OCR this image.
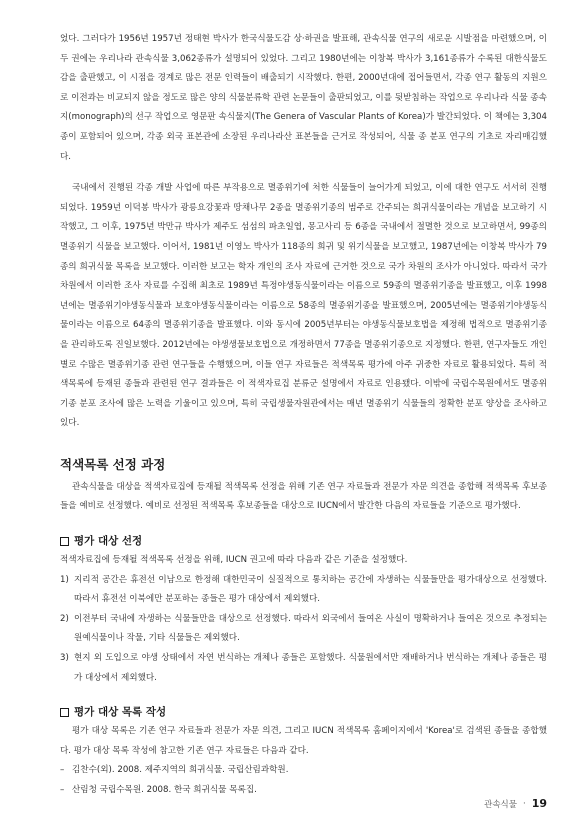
었다. 그러다가 1956년 1957년 정태현 박사가 한국식물도감 상·하권을 발표해, 관속식물 연구의 새로운 시발점을 마련했으며, 이 두 권에는 우리나라 관속식물 3,062종류가 설명되어 있었다. 그리고 1980년에는 이창복 박사가 3,161종류가 수록된 대한식물도감을 출판했고, 이 시점을 경계로 많은 전문 인력들이 배출되기 시작했다. 한편, 2000년대에 접어들면서, 각종 연구 활동의 지원으로 이전과는 비교되지 않을 정도로 많은 양의 식물분류학 관련 논문들이 출판되었고, 이를 뒷받침하는 작업으로 우리나라 식물 종속지(monograph)의 선구 작업으로 영문판 속식물지(The Genera of Vascular Plants of Korea)가 발간되었다. 이 책에는 3,304종이 포함되어 있으며, 각종 외국 표본관에 소장된 우리나라산 표본들을 근거로 작성되어, 식물 종 분포 연구의 기초로 자리매김했다.

국내에서 진행된 각종 개발 사업에 따른 부작용으로 멸종위기에 처한 식물들이 늘어가게 되었고, 이에 대한 연구도 서서히 진행되었다. 1959년 이덕봉 박사가 광릉요강꽃과 땅채나무 2종을 멸종위기종의 범주로 간주되는 희귀식물이라는 개념을 보고하기 시작했고, 그 이후, 1975년 박만규 박사가 제주도 섬섬의 파초일엽, 몽고사리 등 6종을 국내에서 절멸한 것으로 보고하면서, 99종의 멸종위기 식물을 보고했다. 이어서, 1981년 이영노 박사가 118종의 희귀 및 위기식물을 보고했고, 1987년에는 이창복 박사가 79종의 희귀식물 목록을 보고했다. 이러한 보고는 학자 개인의 조사 자료에 근거한 것으로 국가 차원의 조사가 아니었다. 따라서 국가 차원에서 이러한 조사 자료를 수집해 최초로 1989년 특정야생동식물이라는 이름으로 59종의 멸종위기종을 발표했고, 이후 1998년에는 멸종위기야생동식물과 보호야생동식물이라는 이름으로 58종의 멸종위기종을 발표했으며, 2005년에는 멸종위기야생동식물이라는 이름으로 64종의 멸종위기종을 발표했다. 이와 동시에 2005년부터는 야생동식물보호법을 제정해 법적으로 멸종위기종을 관리하도록 진일보했다. 2012년에는 야생생물보호법으로 개정하면서 77종을 멸종위기종으로 지정했다. 한편, 연구자들도 개인별로 수많은 멸종위기종 관련 연구들을 수행했으며, 이들 연구 자료들은 적색목록 평가에 아주 귀중한 자료로 활용되었다. 특히 적색목록에 등재된 종들과 관련된 연구 결과들은 이 적색자료집 분류군 설명에서 자료로 인용됐다. 이밖에 국립수목원에서도 멸종위기종 분포 조사에 많은 노력을 기울이고 있으며, 특히 국립생물자원관에서는 매년 멸종위기 식물들의 정확한 분포 양상을 조사하고 있다.

적색목록 선정 과정

관속식물을 대상을 적색자료집에 등재될 적색목록 선정을 위해 기존 연구 자료들과 전문가 자문 의견을 종합해 적색목록 후보종들을 예비로 선정했다. 예비로 선정된 적색목록 후보종들을 대상으로 IUCN에서 발간한 다음의 자료들을 기준으로 평가했다.

평가 대상 선정

적색자료집에 등재될 적색목록 선정을 위해, IUCN 권고에 따라 다음과 같은 기준을 설정했다.

1) 지리적 공간은 휴전선 이남으로 한정해 대한민국이 실질적으로 통치하는 공간에 자생하는 식물들만을 평가대상으로 선정했다. 따라서 휴전선 이북에만 분포하는 종들은 평가 대상에서 제외했다.
2) 이전부터 국내에 자생하는 식물들만을 대상으로 선정했다. 따라서 외국에서 들여온 사실이 명확하거나 들여온 것으로 추정되는 원예식물이나 작물, 기타 식물들은 제외했다.
3) 현지 외 도입으로 야생 상태에서 자연 번식하는 개체나 종들은 포함했다. 식물원에서만 재배하거나 번식하는 개체나 종들은 평가 대상에서 제외했다.
평가 대상 목록 작성

평가 대상 목록은 기존 연구 자료들과 전문가 자문 의견, 그리고 IUCN 적색목록 홈페이지에서 'Korea'로 검색된 종들을 종합했다. 평가 대상 목록 작성에 참고한 기존 연구 자료들은 다음과 같다.

– 김찬수(외). 2008. 제주지역의 희귀식물. 국립산림과학원.
– 산림청 국립수목원. 2008. 한국 희귀식물 목록집.
관속식물 · 19
